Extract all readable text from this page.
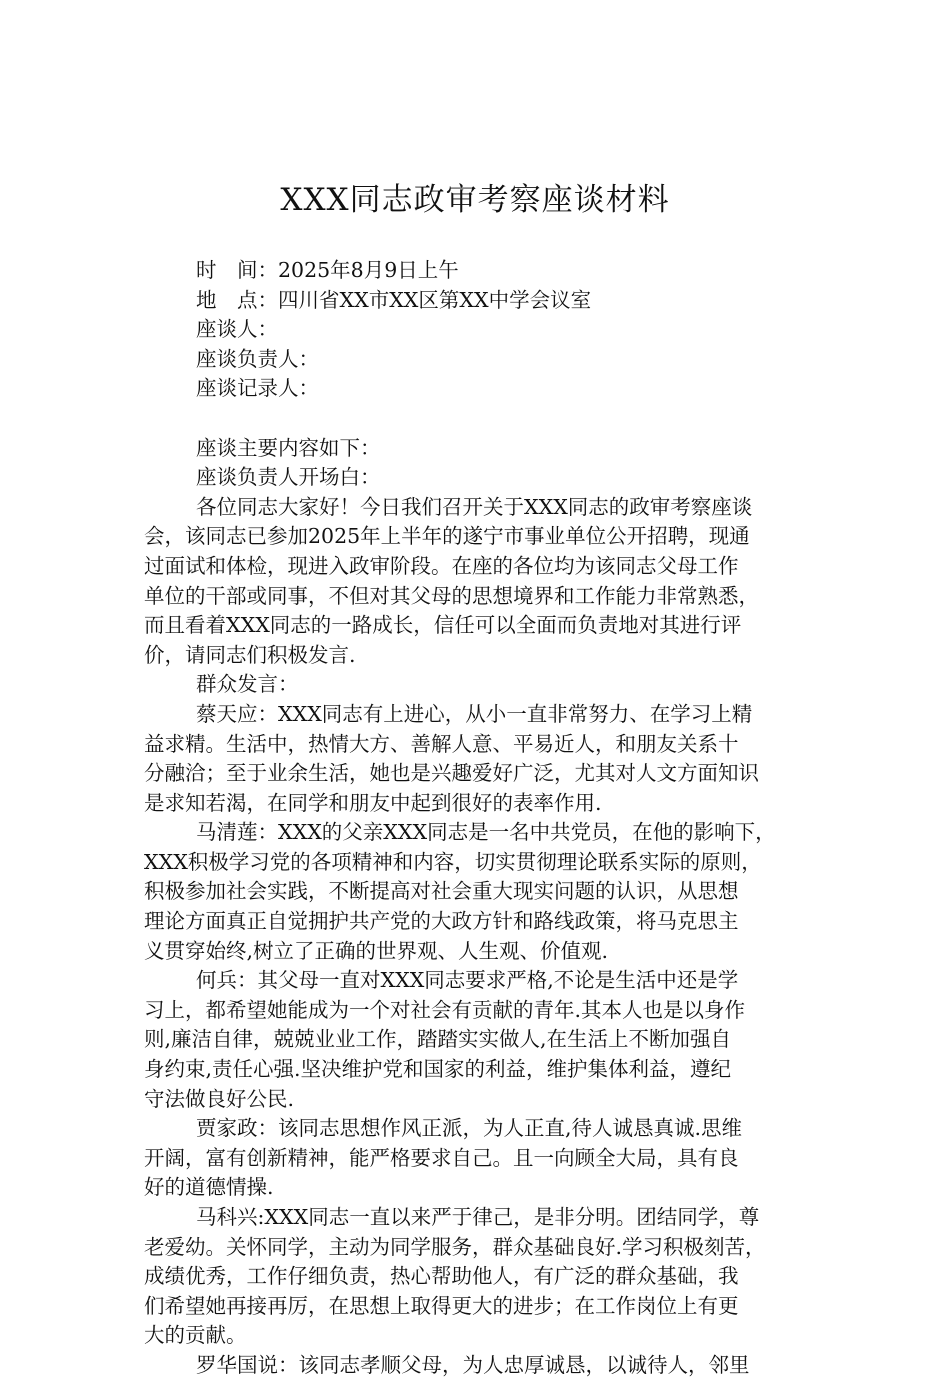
XXX同志政审考察座谈材料
时　间：2025年8月9日上午
地　点：四川省XX市XX区第XX中学会议室
座谈人：
座谈负责人：
座谈记录人：
座谈主要内容如下：
座谈负责人开场白：
各位同志大家好！今日我们召开关于XXX同志的政审考察座谈
会，该同志已参加2025年上半年的遂宁市事业单位公开招聘，现通
过面试和体检，现进入政审阶段。在座的各位均为该同志父母工作
单位的干部或同事，不但对其父母的思想境界和工作能力非常熟悉，
而且看着XXX同志的一路成长，信任可以全面而负责地对其进行评
价，请同志们积极发言.
群众发言：
蔡天应：XXX同志有上进心，从小一直非常努力、在学习上精
益求精。生活中，热情大方、善解人意、平易近人，和朋友关系十
分融洽；至于业余生活，她也是兴趣爱好广泛，尤其对人文方面知识
是求知若渴，在同学和朋友中起到很好的表率作用.
马清莲：XXX的父亲XXX同志是一名中共党员，在他的影响下，
XXX积极学习党的各项精神和内容，切实贯彻理论联系实际的原则，
积极参加社会实践，不断提高对社会重大现实问题的认识，从思想
理论方面真正自觉拥护共产党的大政方针和路线政策，将马克思主
义贯穿始终,树立了正确的世界观、人生观、价值观.
何兵：其父母一直对XXX同志要求严格,不论是生活中还是学
习上，都希望她能成为一个对社会有贡献的青年.其本人也是以身作
则,廉洁自律，兢兢业业工作，踏踏实实做人,在生活上不断加强自
身约束,责任心强.坚决维护党和国家的利益，维护集体利益，遵纪
守法做良好公民.
贾家政：该同志思想作风正派，为人正直,待人诚恳真诚.思维
开阔，富有创新精神，能严格要求自己。且一向顾全大局，具有良
好的道德情操.
马科兴:XXX同志一直以来严于律己，是非分明。团结同学，尊
老爱幼。关怀同学，主动为同学服务，群众基础良好.学习积极刻苦，
成绩优秀，工作仔细负责，热心帮助他人，有广泛的群众基础，我
们希望她再接再厉，在思想上取得更大的进步；在工作岗位上有更
大的贡献。
罗华国说：该同志孝顺父母，为人忠厚诚恳，以诚待人，邻里
